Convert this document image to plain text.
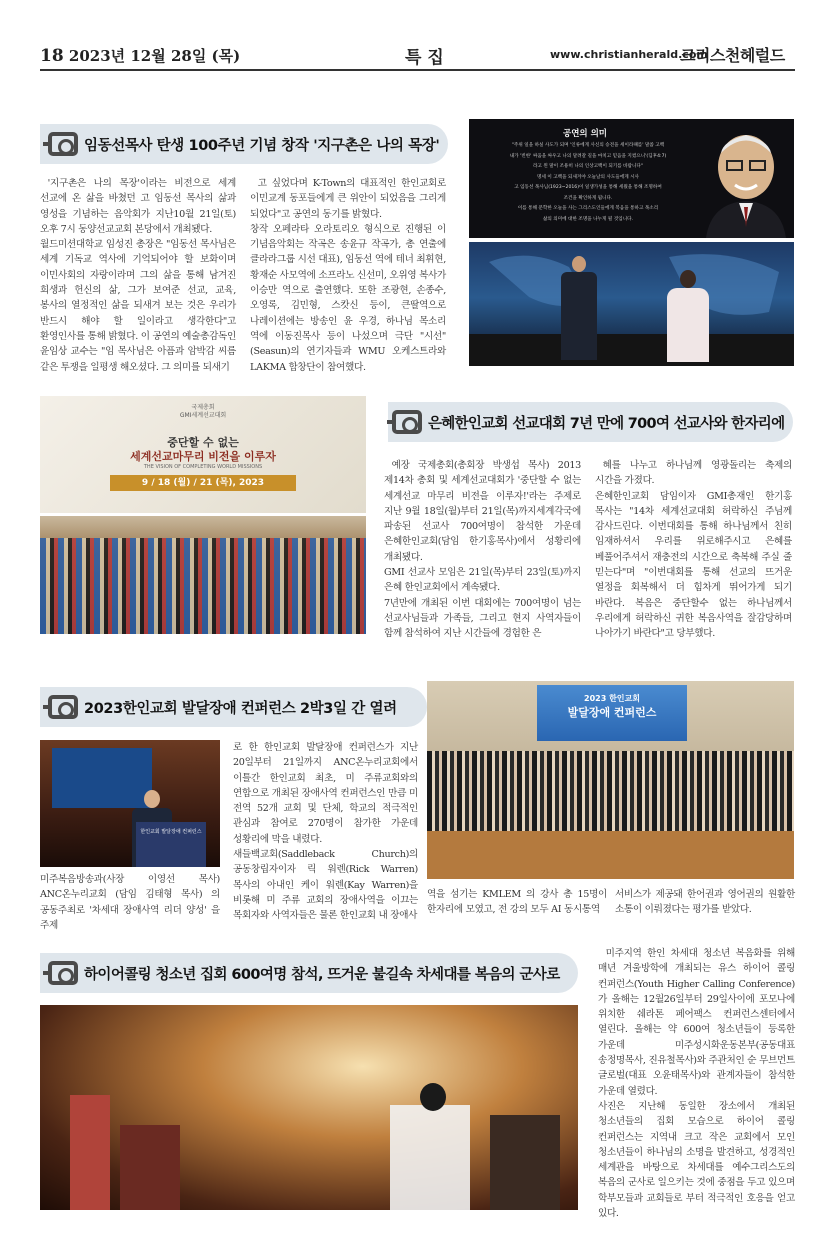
18 2023년 12월 28일 (목)	특 집	www.christianherald.com
크리스천헤럴드
임동선목사 탄생 100주년 기념 창작 '지구촌은 나의 목장'

'지구촌은 나의 목장'이라는 비전으로 세계 선교에 온 삶을 바쳤던 고 임동선 목사의 삶과 영성을 기념하는 음악회가 지난10월 21일(토) 오후 7시 동양선교교회 본당에서 개최됐다.
월드미션대학교 임성진 총장은 "임동선 목사님은 세계 기독교 역사에 기억되어야 할 보화이며 이민사회의 자랑이라며 그의 삶을 통해 남겨진 희생과 헌신의 삶, 그가 보여준 선교, 교육, 봉사의 열정적인 삶을 되새겨 보는 것은 우리가 반드시 해야 할 일이라고 생각한다"고 환영인사를 통해 밝혔다. 이 공연의 예술총감독인 윤임상 교수는 "임 목사님은 아픔과 암박감 씨름 같은 투쟁을 일평생 해오셨다. 그 의미를 되새기

고 싶었다며 K-Town의 대표적인 한인교회로 이민교계 동포들에게 큰 위안이 되었음을 그리게 되었다"고 공연의 동기를 밝혔다.
창작 오페라타 오라토리오 형식으로 진행된 이 기념음악회는 작곡은 송윤규 작곡가, 총 연출에 클라라그룹 시선 대표), 임동선 역에 테너 최휘현, 황재순 사모역에 소프라노 신선미, 오위영 복사가 이승만 역으로 출연했다. 또한 조광현, 손종수, 오영록, 김민형, 스캇신 등이, 큰딸역으로 나레이션에는 방송인 윤 우경, 하나님 목소리 역에 이동진목사 등이 나섰으며 극단 "시선"(Seasun)의 연기자들과 WMU 오케스트라와 LAKMA 합창단이 참여했다.

공연의 의미
"주위 일을 하실 사도가 되며 '인류에게 사신의 승전을 세이라떄를' 말씀 고백
내가 '빈한' 싸움을 싸우고 나의 달려갈 길을 마치고 믿음을 지켰으니'(딤후4:7)
라고 왼 말이 조용히 나의 인상고백이 되기를 바랍니다"
명세 이 고백을 되새겨야 오늘날의 사도들에게 시사
고 임동선 목사님(1923~2016)이 일생가성을 통해 세웠을 통해 조명하여
조건을 확인하게 됩니다.
이를 통해 문학한 오늘을 사는 그리스도인들에게 복음을 통하고 목소리
삶의 의미에 대한 조명을 나누게 될 것입니다.
국제총회
GMI세계선교대회
중단할 수 없는
세계선교마무리 비전을 이루자
THE VISION OF COMPLETING WORLD MISSIONS
9 / 18 (월) / 21 (목), 2023
은혜한인교회 선교대회 7년 만에 700여 선교사와 한자리에

예장 국제총회(총회장 박생섭 목사) 2013 제14차 총회 및 세계선교대회가 '중단할 수 없는 세계선교 마무리 비전을 이루자!'라는 주제로 지난 9월 18일(월)부터 21일(목)까지세계각국에 파송된 선교사 700여명이 참석한 가운데 은혜한인교회(담임 한기홍목사)에서 성황리에 개최됐다.
GMI 선교사 모임은 21일(목)부터 23일(토)까지 은혜 한인교회에서 계속됐다.
7년만에 개최된 이번 대회에는 700여명이 넘는 선교사님들과 가족들, 그리고 현지 사역자들이 함께 참석하여 지난 시간들에 경험한 은

혜를 나누고 하나님께 영광돌리는 축제의 시간을 가졌다.
은혜한인교회 담임이자 GMI총재인 한기홍 목사는 "14차 세계선교대회 허락하신 주님께 감사드린다. 이번대회를 통해 하나님께서 친히 임재하셔서 우리를 위로해주시고 은혜를 베풀어주셔서 재충전의 시간으로 축복해 주실 줄 믿는다"며 "이번대회를 통해 선교의 뜨거운 열정을 회복해서 더 힘차게 뛰어가게 되기 바란다. 복음은 중단할수 없는 하나님께서 우리에게 허락하신 귀한 복음사역을 잘감당하며 나아가기 바란다"고 당부했다.

2023한인교회 발달장애 컨퍼런스 2박3일 간 열려
한인교회 발달장애 컨퍼런스

미주복음방송과(사장 이영선 목사) ANC온누리교회 (담임 김태형 목사) 의 공동주최로 '차세대 장애사역 리더 양성' 을 주제

로 한 한인교회 발달장애 컨퍼런스가 지난 20일부터 21일까지 ANC온누리교회에서 이틀간 한인교회 최초, 미 주류교회와의 연합으로 개최된 장애사역 컨퍼런스인 만큼 미 전역 52개 교회 및 단체, 학교의 적극적인 관심과 참여로 270명이 참가한 가운데 성황리에 막을 내렸다.
새들백교회(Saddleback Church)의 공동창립자이자 릭 워렌(Rick Warren) 목사의 아내인 케이 워렌(Kay Warren)을 비롯해 미 주류 교회의 장애사역을 이끄는 목회자와 사역자들은 물론 한인교회 내 장애사

2023 한인교회
발달장애 컨퍼런스

역을 섬기는 KMLEM 의 강사 총 15명이 한자리에 모였고, 전 강의 모두 AI 동시통역

서비스가 제공돼 한어권과 영어권의 원활한 소통이 이뤄졌다는 평가를 받았다.

하이어콜링 청소년 집회 600여명 참석, 뜨거운 불길속 차세대를 복음의 군사로

미주지역 한인 차세대 청소년 복음화를 위해 매년 겨울방학에 개최되는 유스 하이어 콜링 컨퍼런스(Youth Higher Calling Conference) 가 올해는 12월26일부터 29일사이에 포모나에 위치한 쉐라톤 페어팩스 컨퍼런스센터에서 열린다. 올해는 약 600여 청소년들이 등록한 가운데 미주성시화운동본부(공동대표 송정명목사, 진유철목사)와 주관처인 순 무브먼트 글로벌(대표 오윤태목사)와 관계자들이 참석한 가운데 열렸다.
사진은 지난해 동일한 장소에서 개최된 청소년들의 집회 모습으로 하이어 콜링 컨퍼런스는 지역내 크고 작은 교회에서 모인 청소년들이 하나님의 소명을 발견하고, 성경적인 세계관을 바탕으로 차세대를 예수그리스도의 복음의 군사로 일으키는 것에 중점을 두고 있으며 학부모들과 교회들로 부터 적극적인 호응을 얻고 있다.
